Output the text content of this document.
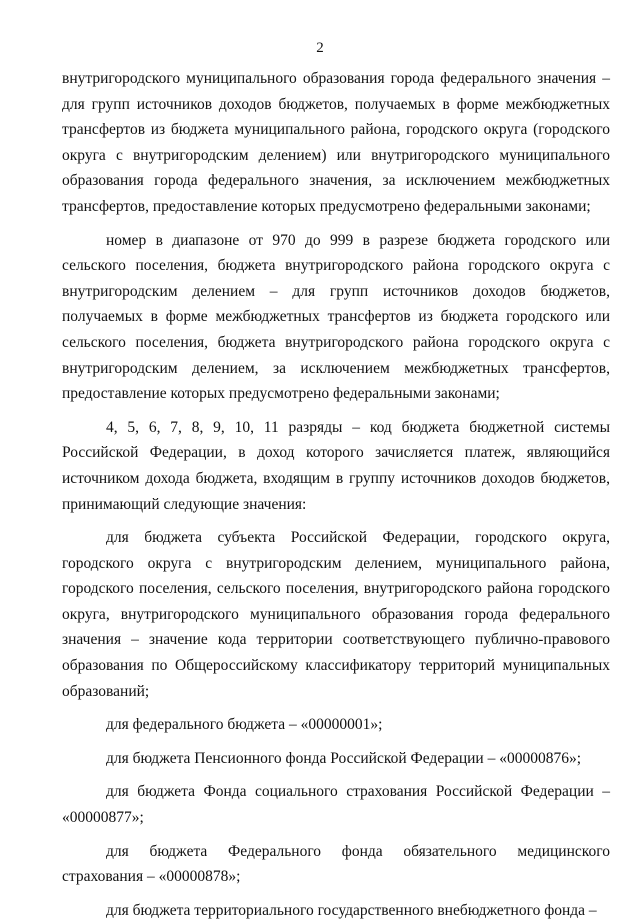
2

внутригородского муниципального образования города федерального значения – для групп источников доходов бюджетов, получаемых в форме межбюджетных трансфертов из бюджета муниципального района, городского округа (городского округа с внутригородским делением) или внутригородского муниципального образования города федерального значения, за исключением межбюджетных трансфертов, предоставление которых предусмотрено федеральными законами;

номер в диапазоне от 970 до 999 в разрезе бюджета городского или сельского поселения, бюджета внутригородского района городского округа с внутригородским делением – для групп источников доходов бюджетов, получаемых в форме межбюджетных трансфертов из бюджета городского или сельского поселения, бюджета внутригородского района городского округа с внутригородским делением, за исключением межбюджетных трансфертов, предоставление которых предусмотрено федеральными законами;

4, 5, 6, 7, 8, 9, 10, 11 разряды – код бюджета бюджетной системы Российской Федерации, в доход которого зачисляется платеж, являющийся источником дохода бюджета, входящим в группу источников доходов бюджетов, принимающий следующие значения:

для бюджета субъекта Российской Федерации, городского округа, городского округа с внутригородским делением, муниципального района, городского поселения, сельского поселения, внутригородского района городского округа, внутригородского муниципального образования города федерального значения – значение кода территории соответствующего публично-правового образования по Общероссийскому классификатору территорий муниципальных образований;

для федерального бюджета – «00000001»;

для бюджета Пенсионного фонда Российской Федерации – «00000876»;

для бюджета Фонда социального страхования Российской Федерации – «00000877»;

для бюджета Федерального фонда обязательного медицинского страхования – «00000878»;

для бюджета территориального государственного внебюджетного фонда –
